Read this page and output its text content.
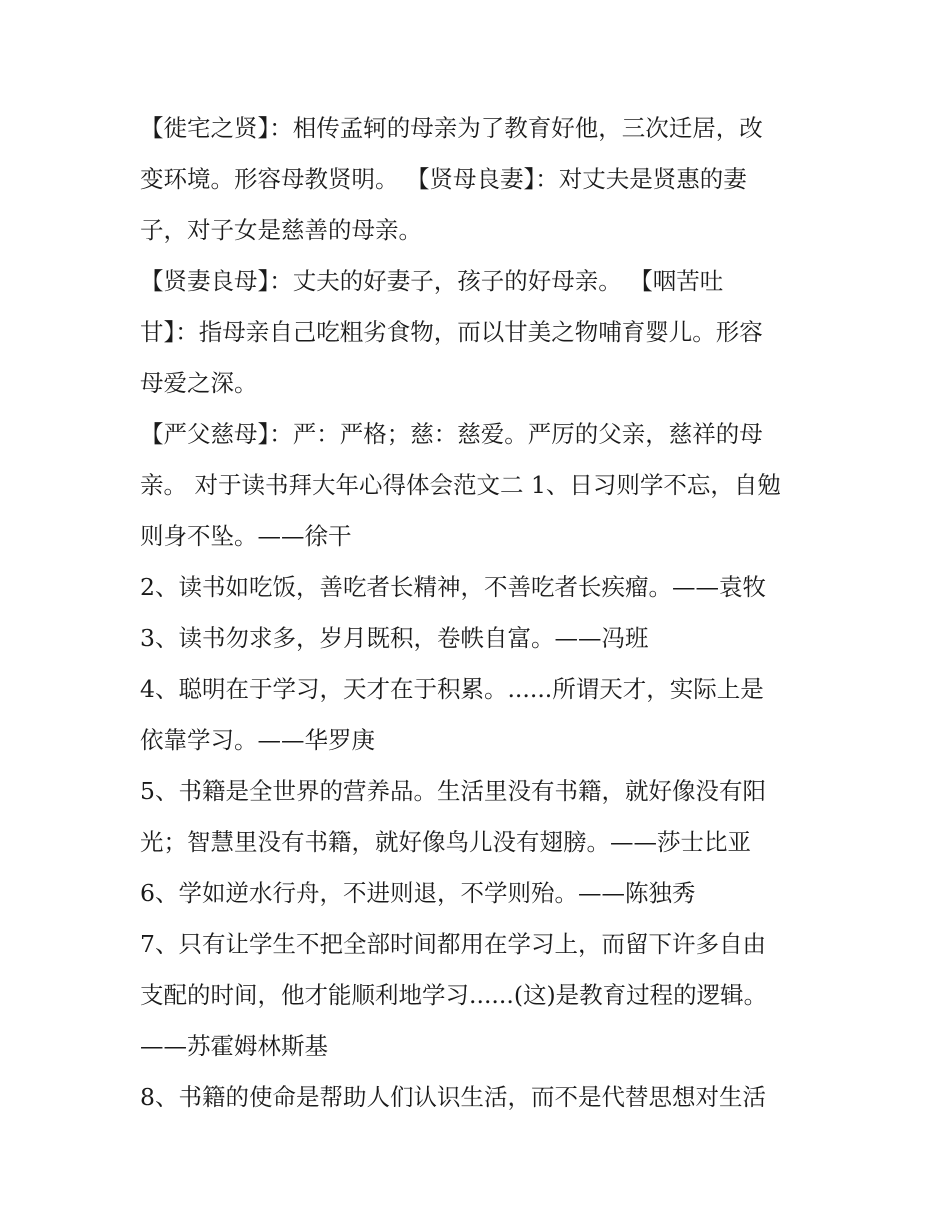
【徙宅之贤】：相传孟轲的母亲为了教育好他，三次迁居，改
变环境。形容母教贤明。 【贤母良妻】：对丈夫是贤惠的妻
子，对子女是慈善的母亲。
【贤妻良母】：丈夫的好妻子，孩子的好母亲。 【咽苦吐
甘】：指母亲自己吃粗劣食物，而以甘美之物哺育婴儿。形容
母爱之深。
【严父慈母】：严：严格；慈：慈爱。严厉的父亲，慈祥的母
亲。 对于读书拜大年心得体会范文二 1、日习则学不忘，自勉
则身不坠。——徐干
2、读书如吃饭，善吃者长精神，不善吃者长疾瘤。——袁牧
3、读书勿求多，岁月既积，卷帙自富。——冯班
4、聪明在于学习，天才在于积累。......所谓天才，实际上是
依靠学习。——华罗庚
5、书籍是全世界的营养品。生活里没有书籍，就好像没有阳
光；智慧里没有书籍，就好像鸟儿没有翅膀。——莎士比亚
6、学如逆水行舟，不进则退，不学则殆。——陈独秀
7、只有让学生不把全部时间都用在学习上，而留下许多自由
支配的时间，他才能顺利地学习......(这)是教育过程的逻辑。
——苏霍姆林斯基
8、书籍的使命是帮助人们认识生活，而不是代替思想对生活
